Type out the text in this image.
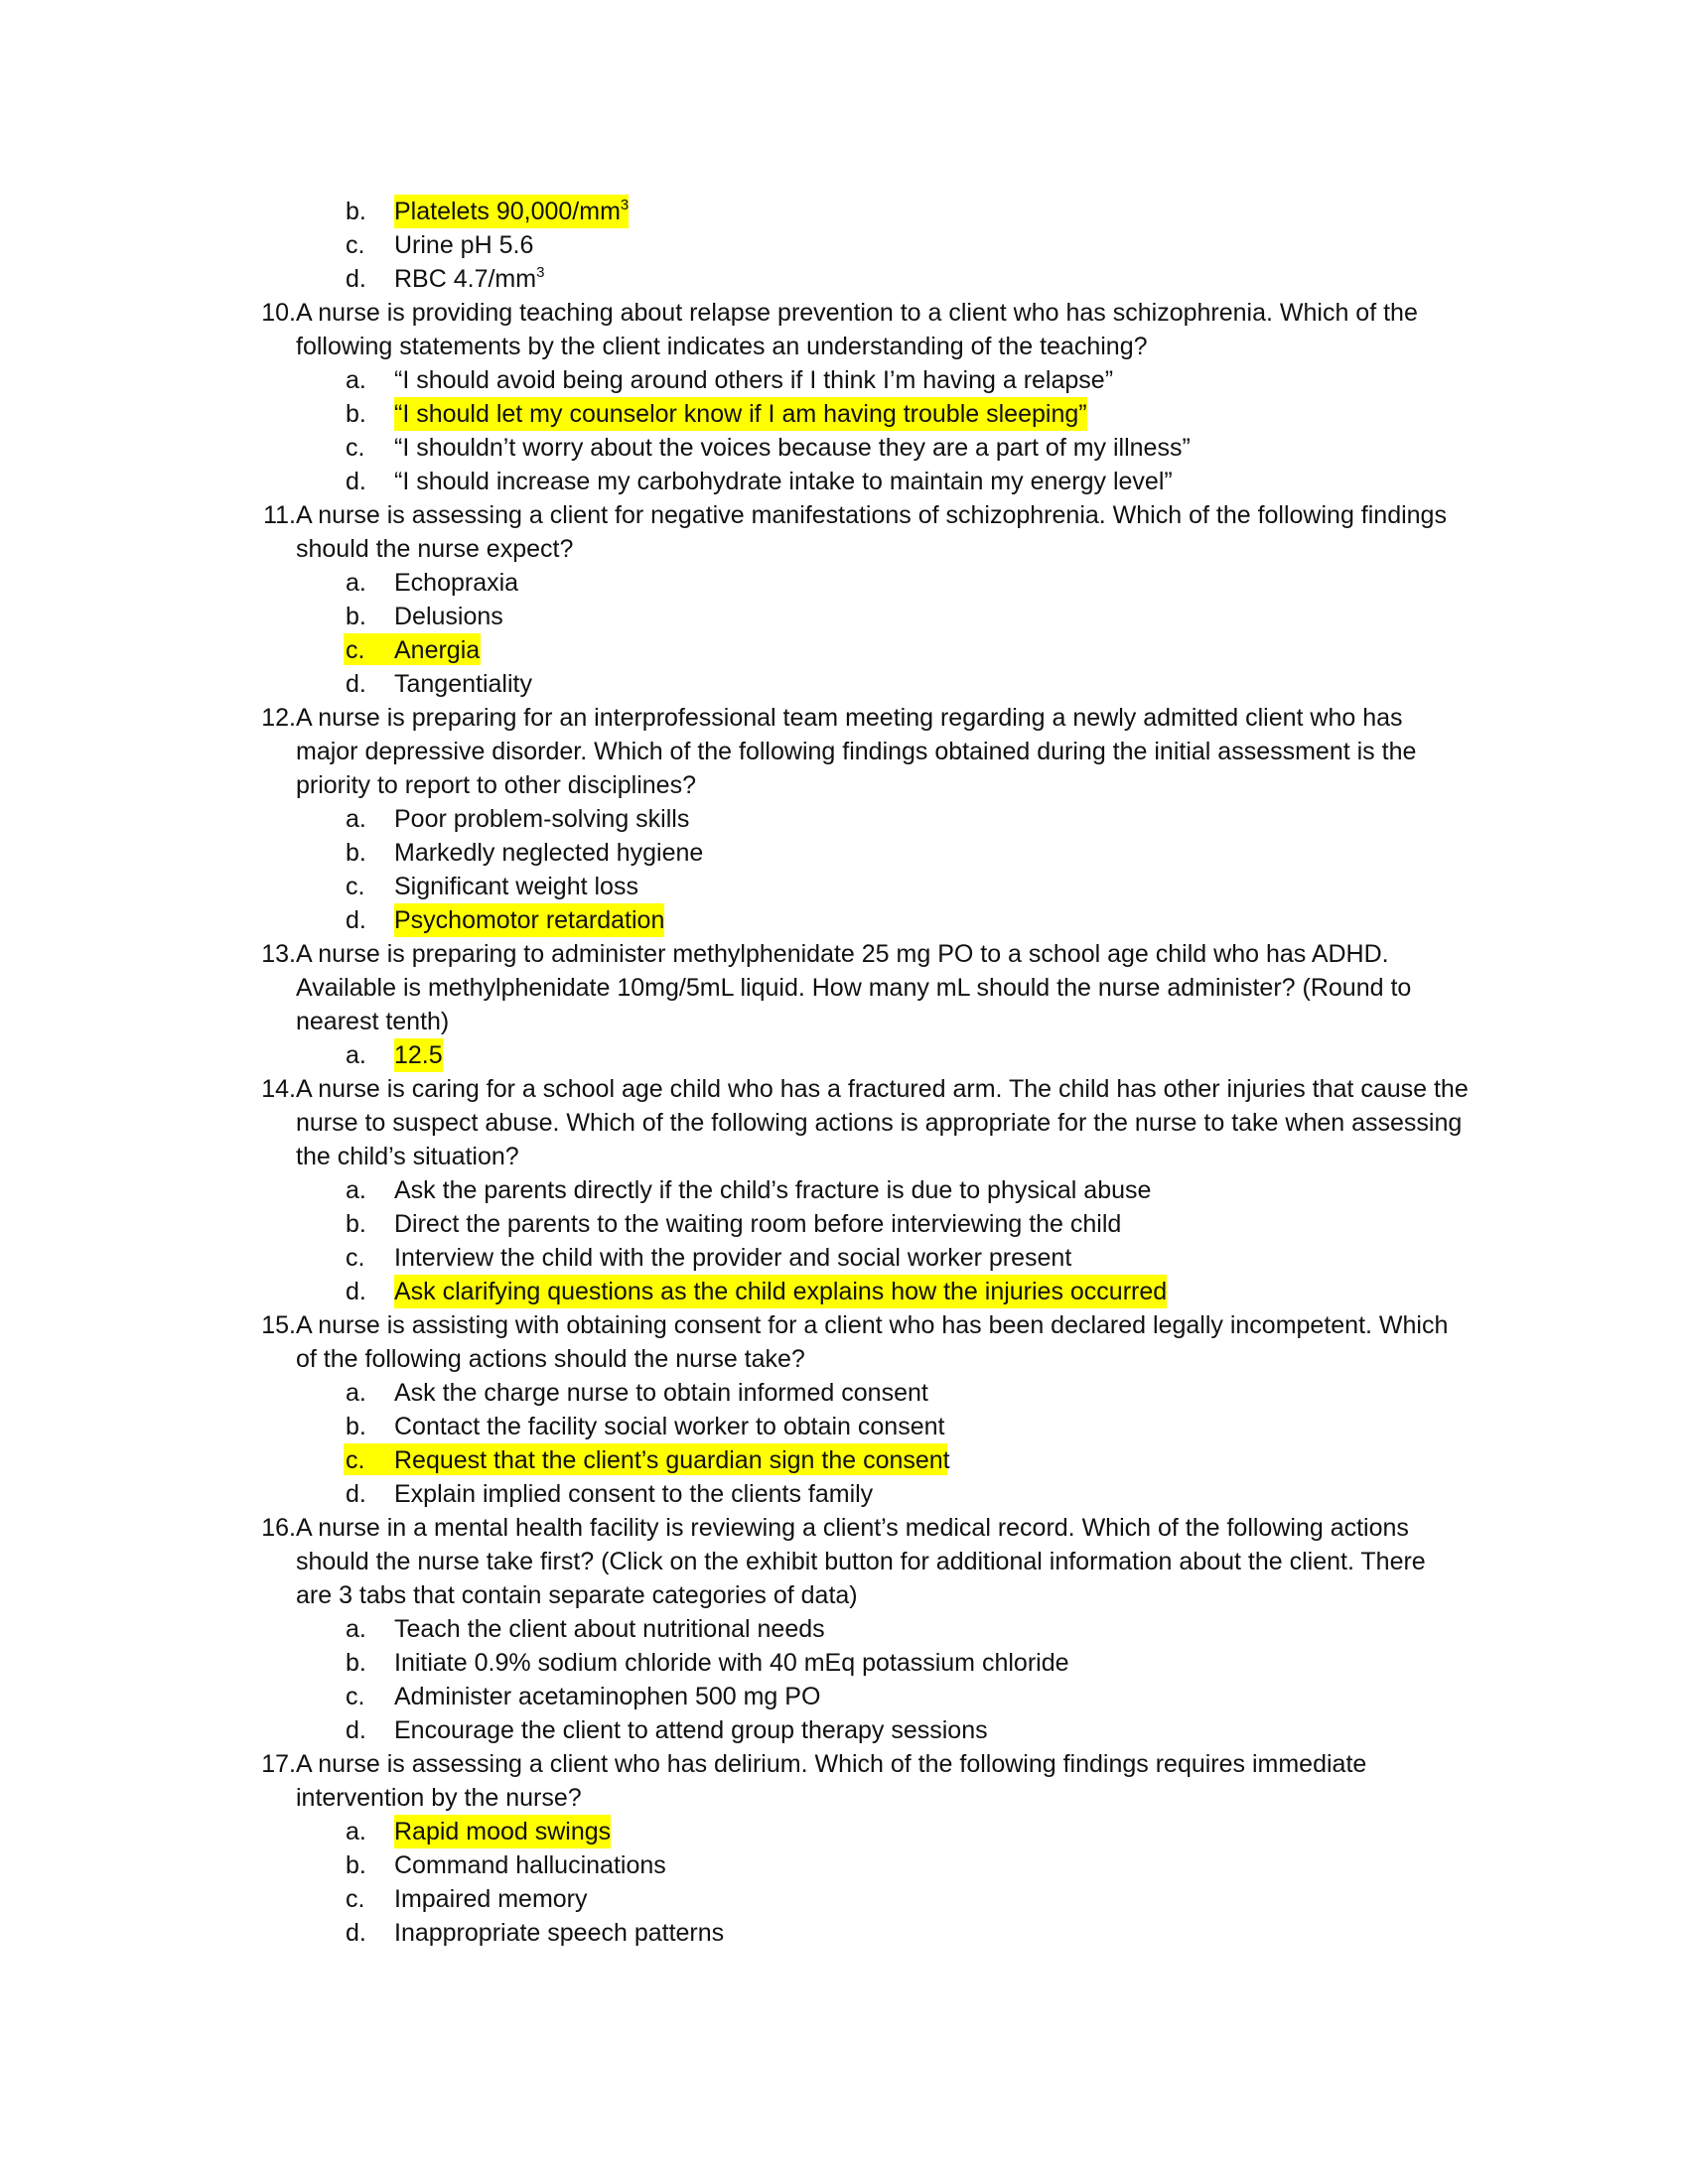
b. Platelets $90,000/mm^3$
c. Urine pH 5.6
d. RBC $4.7/mm^3$
10. A nurse is providing teaching about relapse prevention to a client who has schizophrenia. Which of the
following statements by the client indicates an understanding of the teaching?
a. “I should avoid being around others if I think I’m having a relapse”
b. “I should let my counselor know if I am having trouble sleeping”
c. “I shouldn’t worry about the voices because they are a part of my illness”
d. “I should increase my carbohydrate intake to maintain my energy level”
11. A nurse is assessing a client for negative manifestations of schizophrenia. Which of the following findings
should the nurse expect?
a. Echopraxia
b. Delusions
c. Anergia
d. Tangentiality
12. A nurse is preparing for an interprofessional team meeting regarding a newly admitted client who has
major depressive disorder. Which of the following findings obtained during the initial assessment is the
priority to report to other disciplines?
a. Poor problem-solving skills
b. Markedly neglected hygiene
c. Significant weight loss
d. Psychomotor retardation
13. A nurse is preparing to administer methylphenidate 25 mg PO to a school age child who has ADHD.
Available is methylphenidate 10mg/5mL liquid. How many mL should the nurse administer? (Round to
nearest tenth)
a. 12.5
14. A nurse is caring for a school age child who has a fractured arm. The child has other injuries that cause the
nurse to suspect abuse. Which of the following actions is appropriate for the nurse to take when assessing
the child’s situation?
a. Ask the parents directly if the child’s fracture is due to physical abuse
b. Direct the parents to the waiting room before interviewing the child
c. Interview the child with the provider and social worker present
d. Ask clarifying questions as the child explains how the injuries occurred
15. A nurse is assisting with obtaining consent for a client who has been declared legally incompetent. Which
of the following actions should the nurse take?
a. Ask the charge nurse to obtain informed consent
b. Contact the facility social worker to obtain consent
c. Request that the client’s guardian sign the consent
d. Explain implied consent to the clients family
16. A nurse in a mental health facility is reviewing a client’s medical record. Which of the following actions
should the nurse take first? (Click on the exhibit button for additional information about the client. There
are 3 tabs that contain separate categories of data)
a. Teach the client about nutritional needs
b. Initiate 0.9% sodium chloride with 40 mEq potassium chloride
c. Administer acetaminophen 500 mg PO
d. Encourage the client to attend group therapy sessions
17. A nurse is assessing a client who has delirium. Which of the following findings requires immediate
intervention by the nurse?
a. Rapid mood swings
b. Command hallucinations
c. Impaired memory
d. Inappropriate speech patterns
